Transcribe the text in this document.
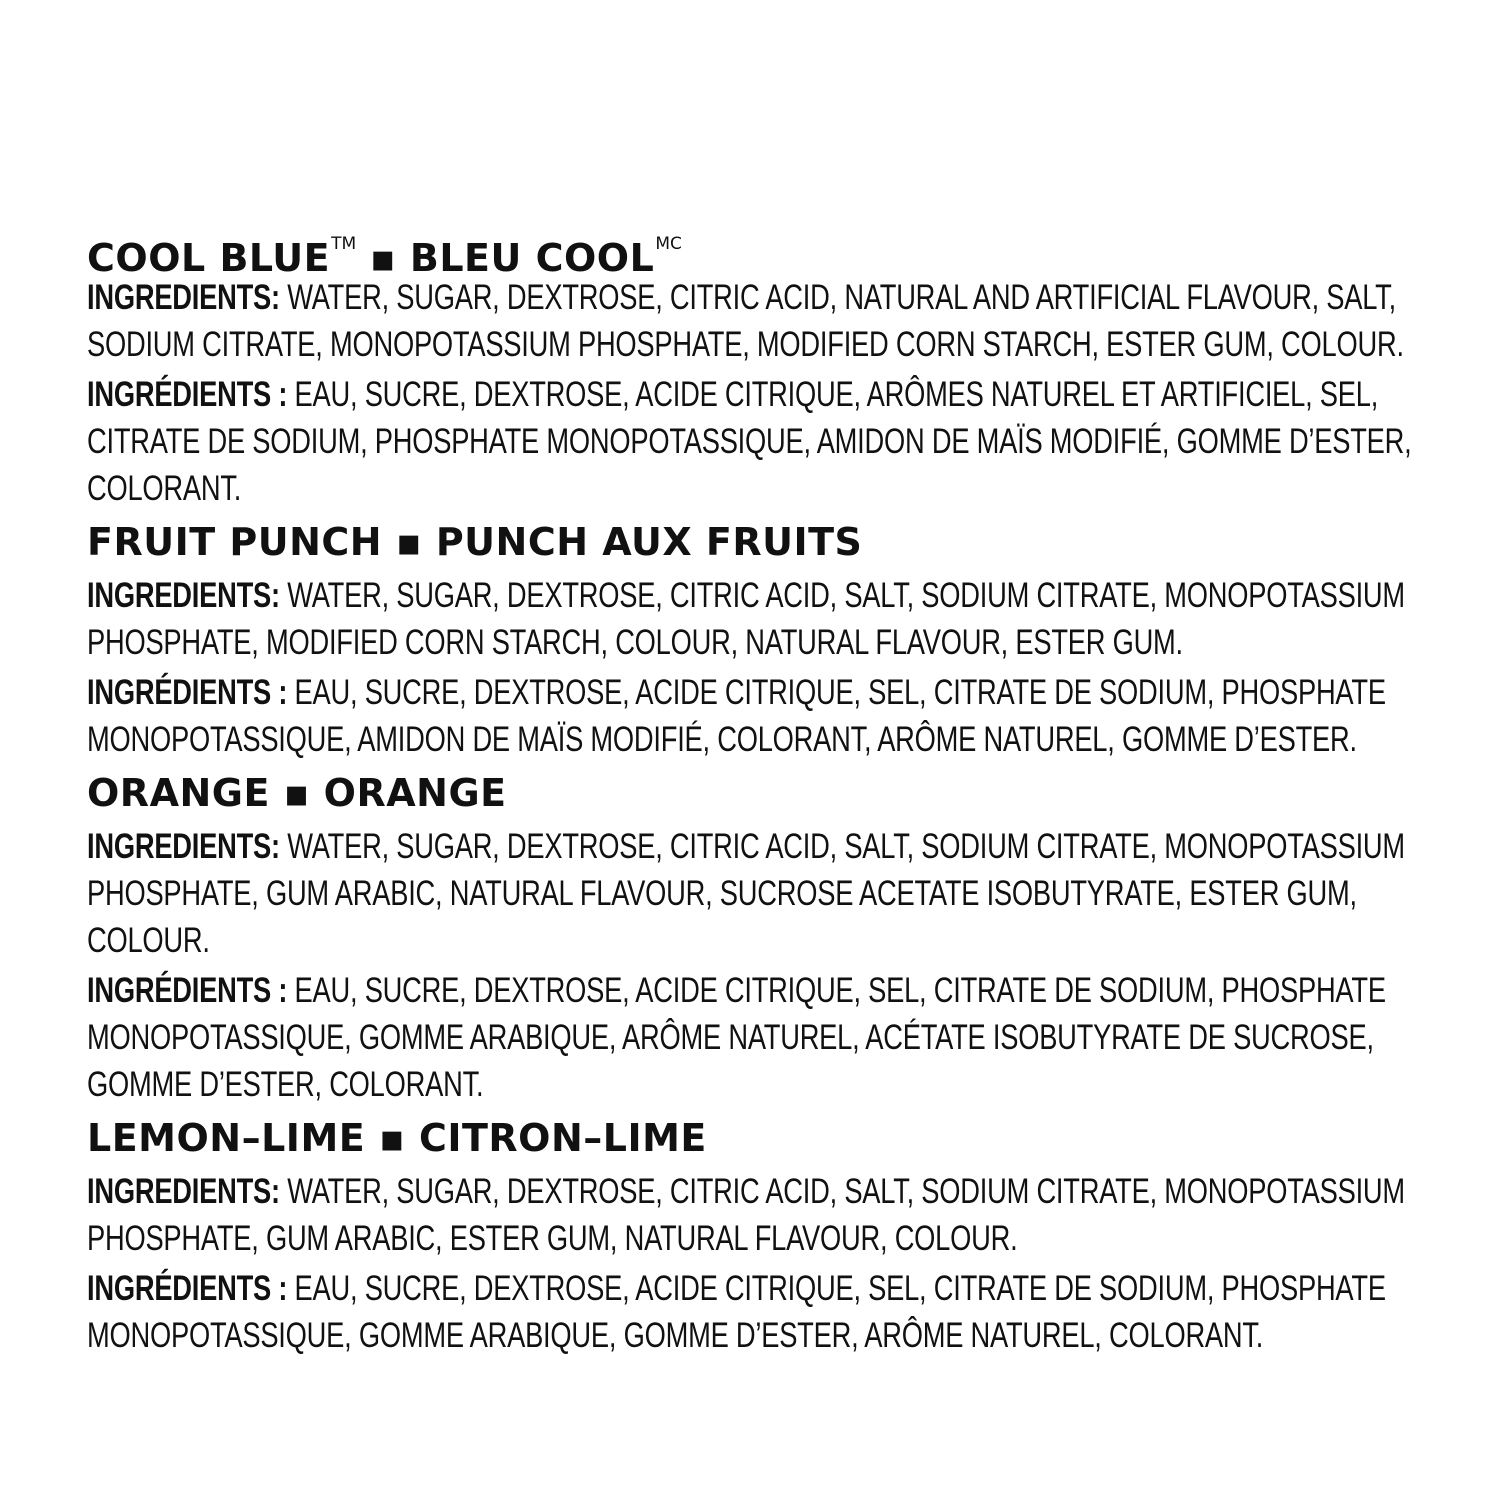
COOL BLUE™ ▪ BLEU $COOL^{MC}$

INGREDIENTS: WATER, SUGAR, DEXTROSE, CITRIC ACID, NATURAL AND ARTIFICIAL FLAVOUR, SALT, SODIUM CITRATE, MONOPOTASSIUM PHOSPHATE, MODIFIED CORN STARCH, ESTER GUM, COLOUR.

INGRÉDIENTS : EAU, SUCRE, DEXTROSE, ACIDE CITRIQUE, ARÔMES NATUREL ET ARTIFICIEL, SEL, CITRATE DE SODIUM, PHOSPHATE MONOPOTASSIQUE, AMIDON DE MAÏS MODIFIÉ, GOMME D’ESTER, COLORANT.

FRUIT PUNCH ▪ PUNCH AUX FRUITS

INGREDIENTS: WATER, SUGAR, DEXTROSE, CITRIC ACID, SALT, SODIUM CITRATE, MONOPOTASSIUM PHOSPHATE, MODIFIED CORN STARCH, COLOUR, NATURAL FLAVOUR, ESTER GUM.

INGRÉDIENTS : EAU, SUCRE, DEXTROSE, ACIDE CITRIQUE, SEL, CITRATE DE SODIUM, PHOSPHATE MONOPOTASSIQUE, AMIDON DE MAÏS MODIFIÉ, COLORANT, ARÔME NATUREL, GOMME D’ESTER.

ORANGE ▪ ORANGE

INGREDIENTS: WATER, SUGAR, DEXTROSE, CITRIC ACID, SALT, SODIUM CITRATE, MONOPOTASSIUM PHOSPHATE, GUM ARABIC, NATURAL FLAVOUR, SUCROSE ACETATE ISOBUTYRATE, ESTER GUM, COLOUR.

INGRÉDIENTS : EAU, SUCRE, DEXTROSE, ACIDE CITRIQUE, SEL, CITRATE DE SODIUM, PHOSPHATE MONOPOTASSIQUE, GOMME ARABIQUE, ARÔME NATUREL, ACÉTATE ISOBUTYRATE DE SUCROSE, GOMME D’ESTER, COLORANT.

LEMON–LIME ▪ CITRON–LIME

INGREDIENTS: WATER, SUGAR, DEXTROSE, CITRIC ACID, SALT, SODIUM CITRATE, MONOPOTASSIUM PHOSPHATE, GUM ARABIC, ESTER GUM, NATURAL FLAVOUR, COLOUR.

INGRÉDIENTS : EAU, SUCRE, DEXTROSE, ACIDE CITRIQUE, SEL, CITRATE DE SODIUM, PHOSPHATE MONOPOTASSIQUE, GOMME ARABIQUE, GOMME D’ESTER, ARÔME NATUREL, COLORANT.
